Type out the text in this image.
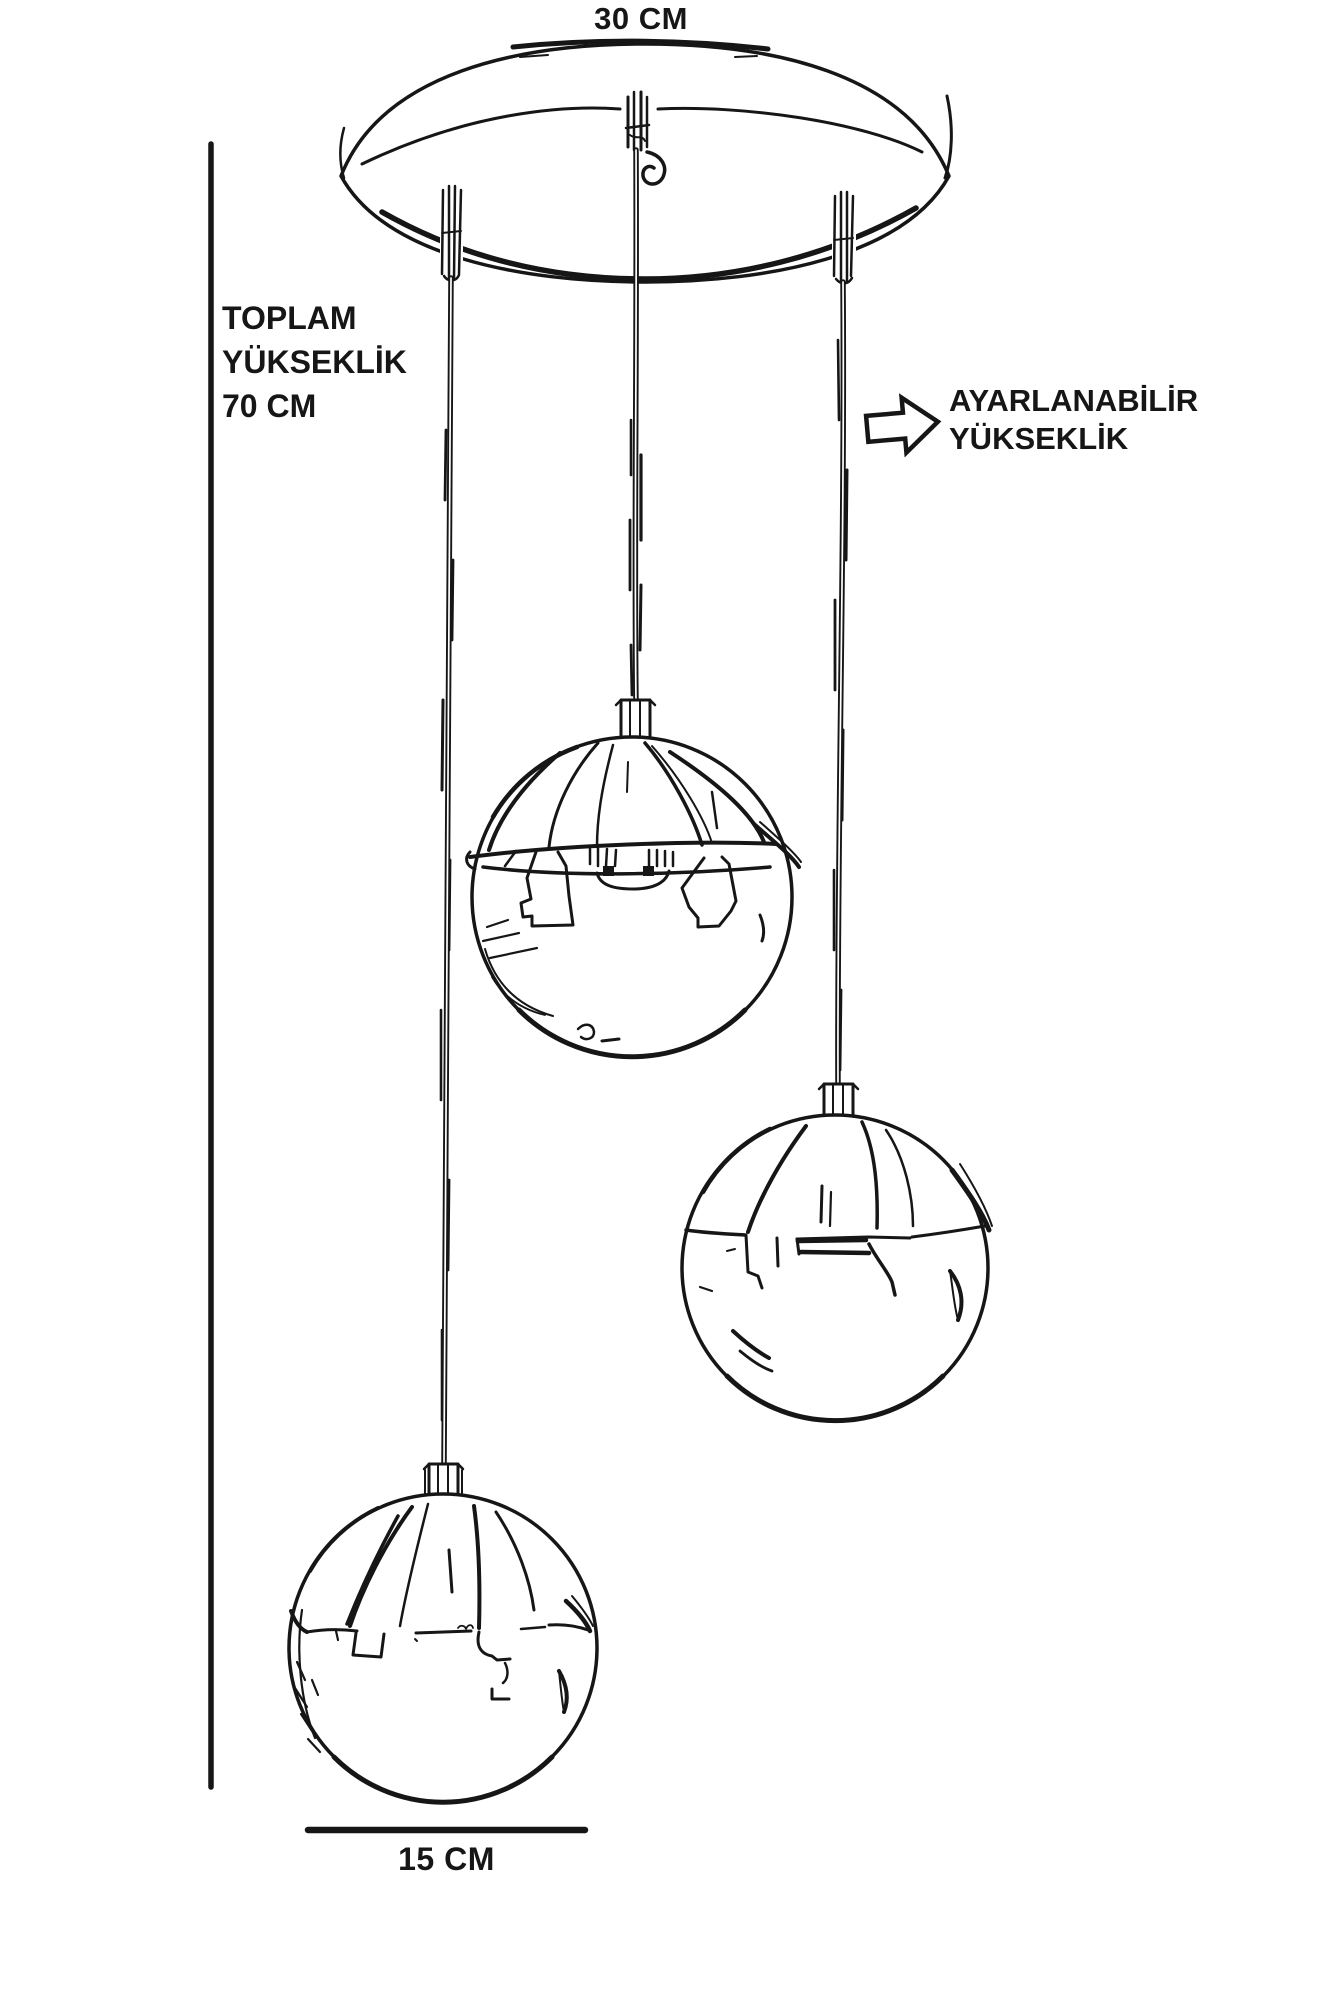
30 CM
TOPLAM
YÜKSEKLİK
70 CM	AYARLANABİLİR
YÜKSEKLİK
15 CM
